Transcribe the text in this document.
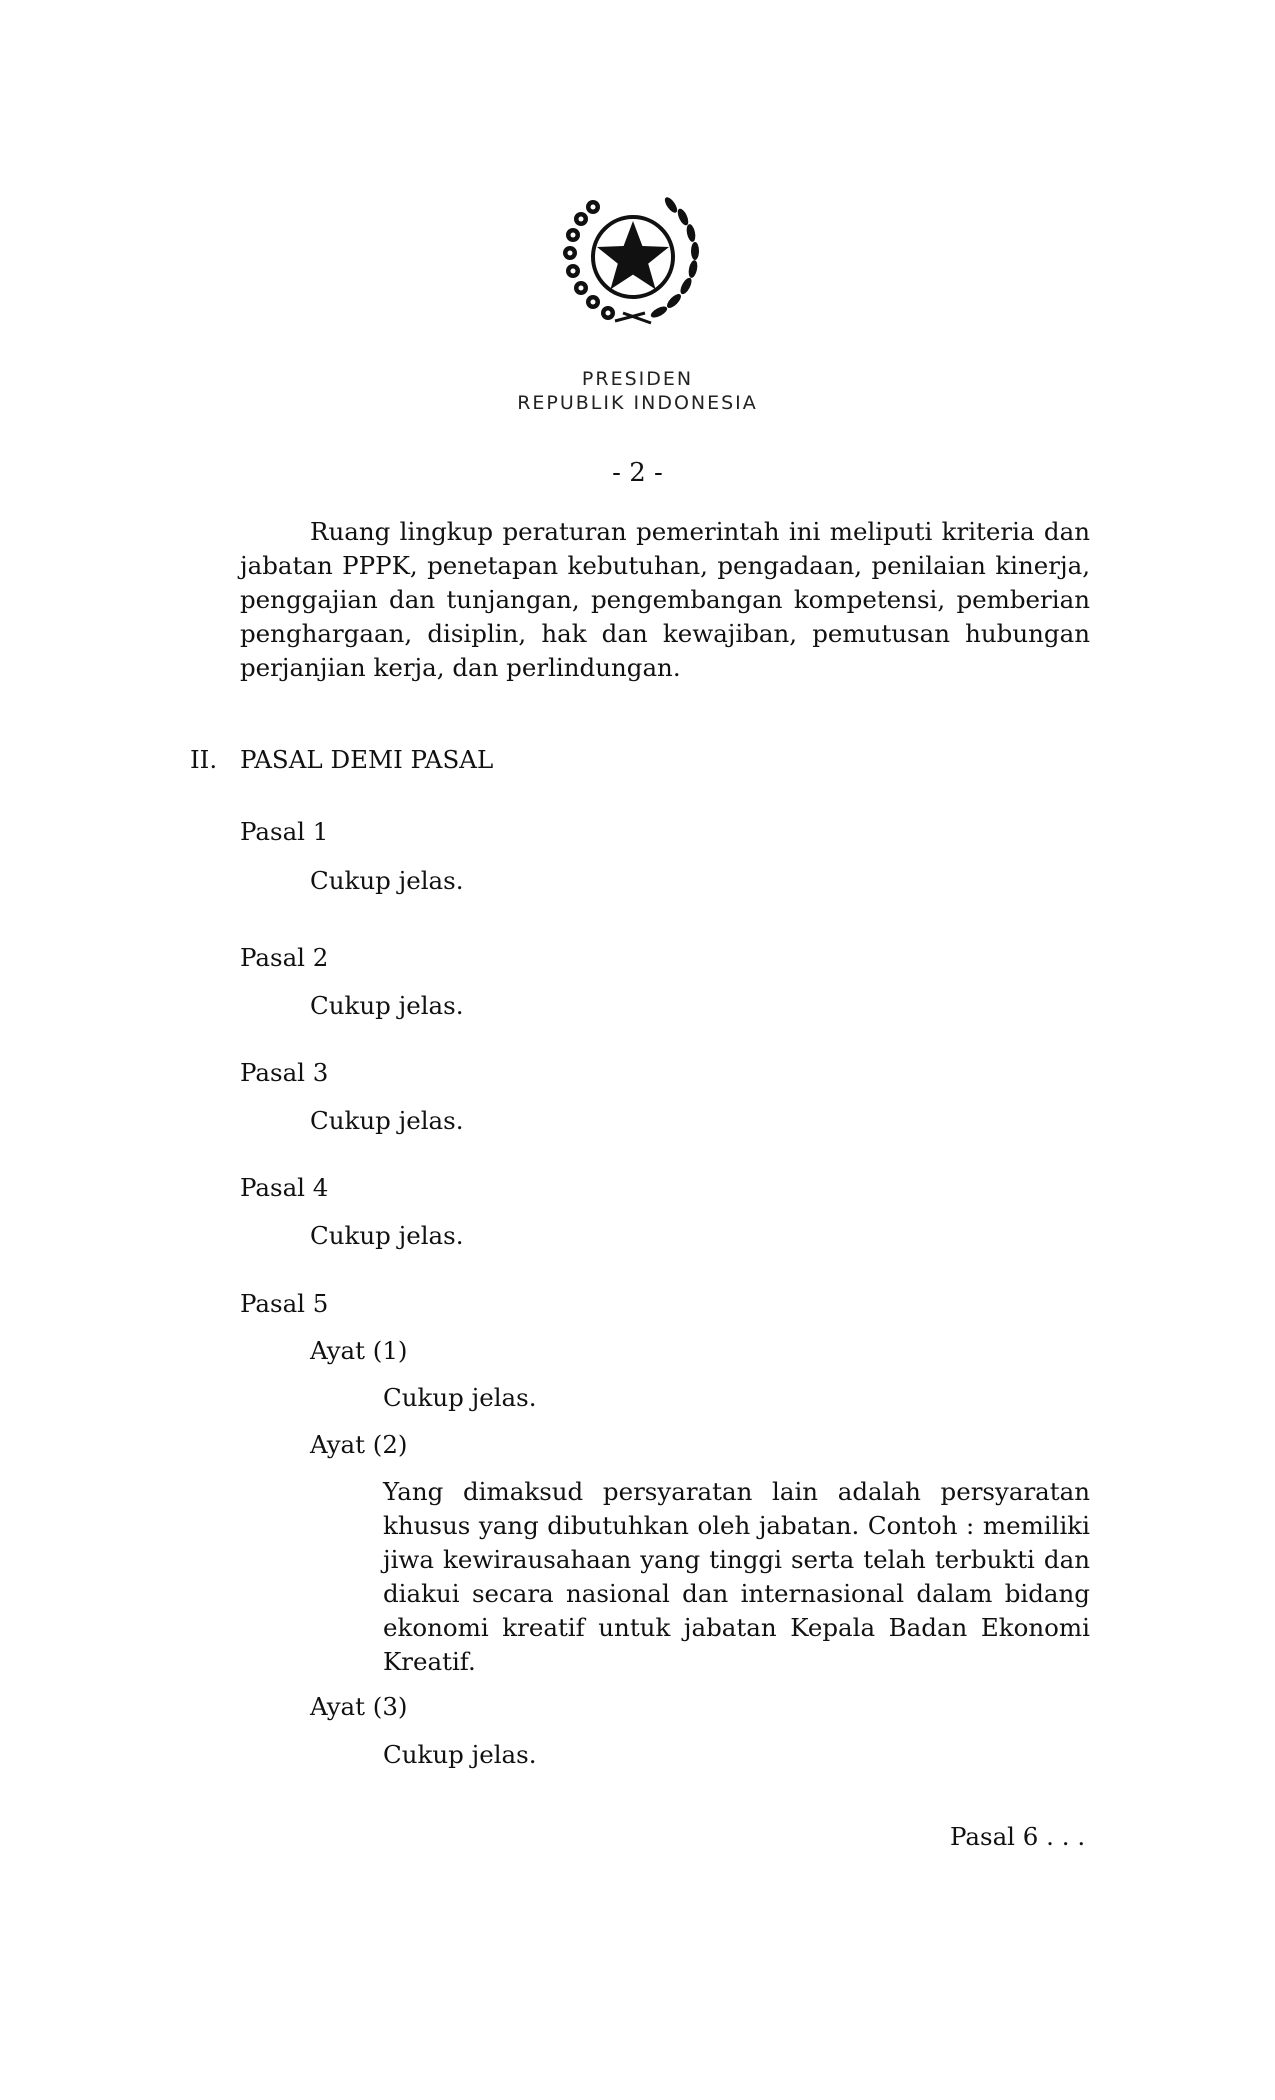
PRESIDEN
REPUBLIK INDONESIA
- 2 -
Ruang lingkup peraturan pemerintah ini meliputi kriteria dan jabatan PPPK, penetapan kebutuhan, pengadaan, penilaian kinerja, penggajian dan tunjangan, pengembangan kompetensi, pemberian penghargaan, disiplin, hak dan kewajiban, pemutusan hubungan perjanjian kerja, dan perlindungan.
II. PASAL DEMI PASAL
Pasal 1
Cukup jelas.
Pasal 2
Cukup jelas.
Pasal 3
Cukup jelas.
Pasal 4
Cukup jelas.
Pasal 5
Ayat (1)
Cukup jelas.
Ayat (2)
Yang dimaksud persyaratan lain adalah persyaratan khusus yang dibutuhkan oleh jabatan. Contoh : memiliki jiwa kewirausahaan yang tinggi serta telah terbukti dan diakui secara nasional dan internasional dalam bidang ekonomi kreatif untuk jabatan Kepala Badan Ekonomi Kreatif.
Ayat (3)
Cukup jelas.
Pasal 6 . . .
